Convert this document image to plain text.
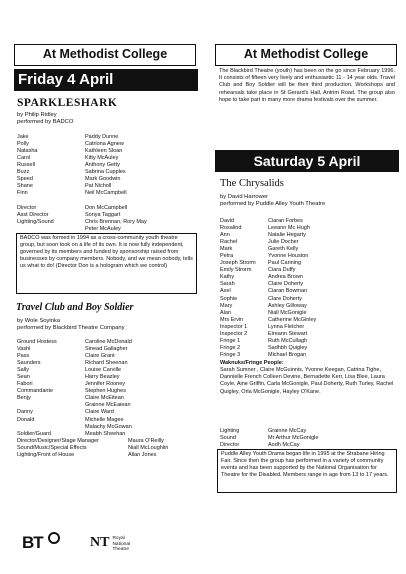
At Methodist College
Friday 4 April
SPARKLESHARK
by Philip Ridley
performed by BADCO
Jake	Paddy Dunne
Polly	Catriona Agnew
Natasha	Kathleen Sloan
Carol	Kitty McAuley
Russell	Anthony Getty
Buzz	Sabrina Cupples
Speed	Mark Goodwin
Shane	Pat Nicholl
Finn	Neil McCampbell
Director	Don McCampbell
Asst Director	Sonya Taggart
Lighting/Sound	Chris Brennan, Rory May
Peter McAuley
BADCO was formed in 1994 as a cross-community youth theatre group, but soon took on a life of its own. It is now fully independent, governed by its members and funded by sponsorship raised from businesses by company members. Nobody, and we mean nobody, tells us what to do! (Director Don is a hologram which we control)
Travel Club and Boy Soldier
by Wole Soyinka
performed by Blackbird Theatre Company
Ground Hostess	Caroline McDonald
Vashi	Sinead Gallagher
Pass	Claire Grant
Saunders	Richard Sheenan
Sally	Louise Carville
Sean	Harry Beazley
Fabori	Jennifer Rooney
Commandante	Stephen Hughes
Benjy	Claire McEitean
Grainne McEaiean
Danny	Claire Ward
Donald	Michelle Magee
Malachy McGowan
Soldier/Guard	Meabh Sheehan
Director/Designer/Stage Manager	Maura O'Reilly
Sound/Music/Special Effects	Niall McLoughlin
Lighting/Front of House	Allan Jones
BT	NT Royal National Theatre
At Methodist College
The Blackbird Theatre (youth) has been on the go since February 1996. It consists of fifteen very lively and enthusiastic 11 - 14 year olds. Travel Club and Boy Soldier will be their third production. Workshops and rehearsals take place in St Gerard's Hall, Antrim Road. The group also hope to take part in many more drama festivals over the summer.
Saturday 5 April
The Chrysalids
by David Harrower
performed by Puddle Alley Youth Theatre
David	Ciaran Forbes
Rosalind	Leeann Mc Hugh
Ann	Natalie Hegarty
Rachel	Julie Docher
Mark	Gareth Kelly
Petra	Yvonne Houston
Joseph Strorm	Paul Canning
Emily Strorm	Ciara Duffy
Kathy	Andrea Brown
Sarah	Claire Doherty
Axel	Ciaran Bowman
Sophie	Clare Doherty
Mary	Ashley Gilloway
Alan	Niall McGonigle
Mrs Ervin	Catherine McGinley
Inspector 1	Lynna Fletcher
Inspector 2	Eireann Stewart
Fringe 1	Ruth McCullagh
Fringe 2	Sadhbh Quigley
Fringe 3	Michael Brogan
Waknuks/Fringe People:
Sarah Sumner , Claire McGuinnis, Yvonne Keegan, Catrina Tighe, Dannielle French Colleen Devine, Bernadette Kerr, Lisa Blee, Laura Coyle, Aine Griffin, Carla McGonigle, Paul Doherty, Ruth Turley, Rachel Quigley, Orla McGonigle, Hayley O'Kane.
Lighting	Grainne McCay
Sound	Mr Arthur McGonigle
Director	Aodh McCay
Puddle Alley Youth Drama began life in 1995 at the Strabane Hiring Fair. Since then the group has performed in a variety of community events and has been supported by the National Organisation for Theatre for the Disabled. Members range in age from 13 to 17 years.
